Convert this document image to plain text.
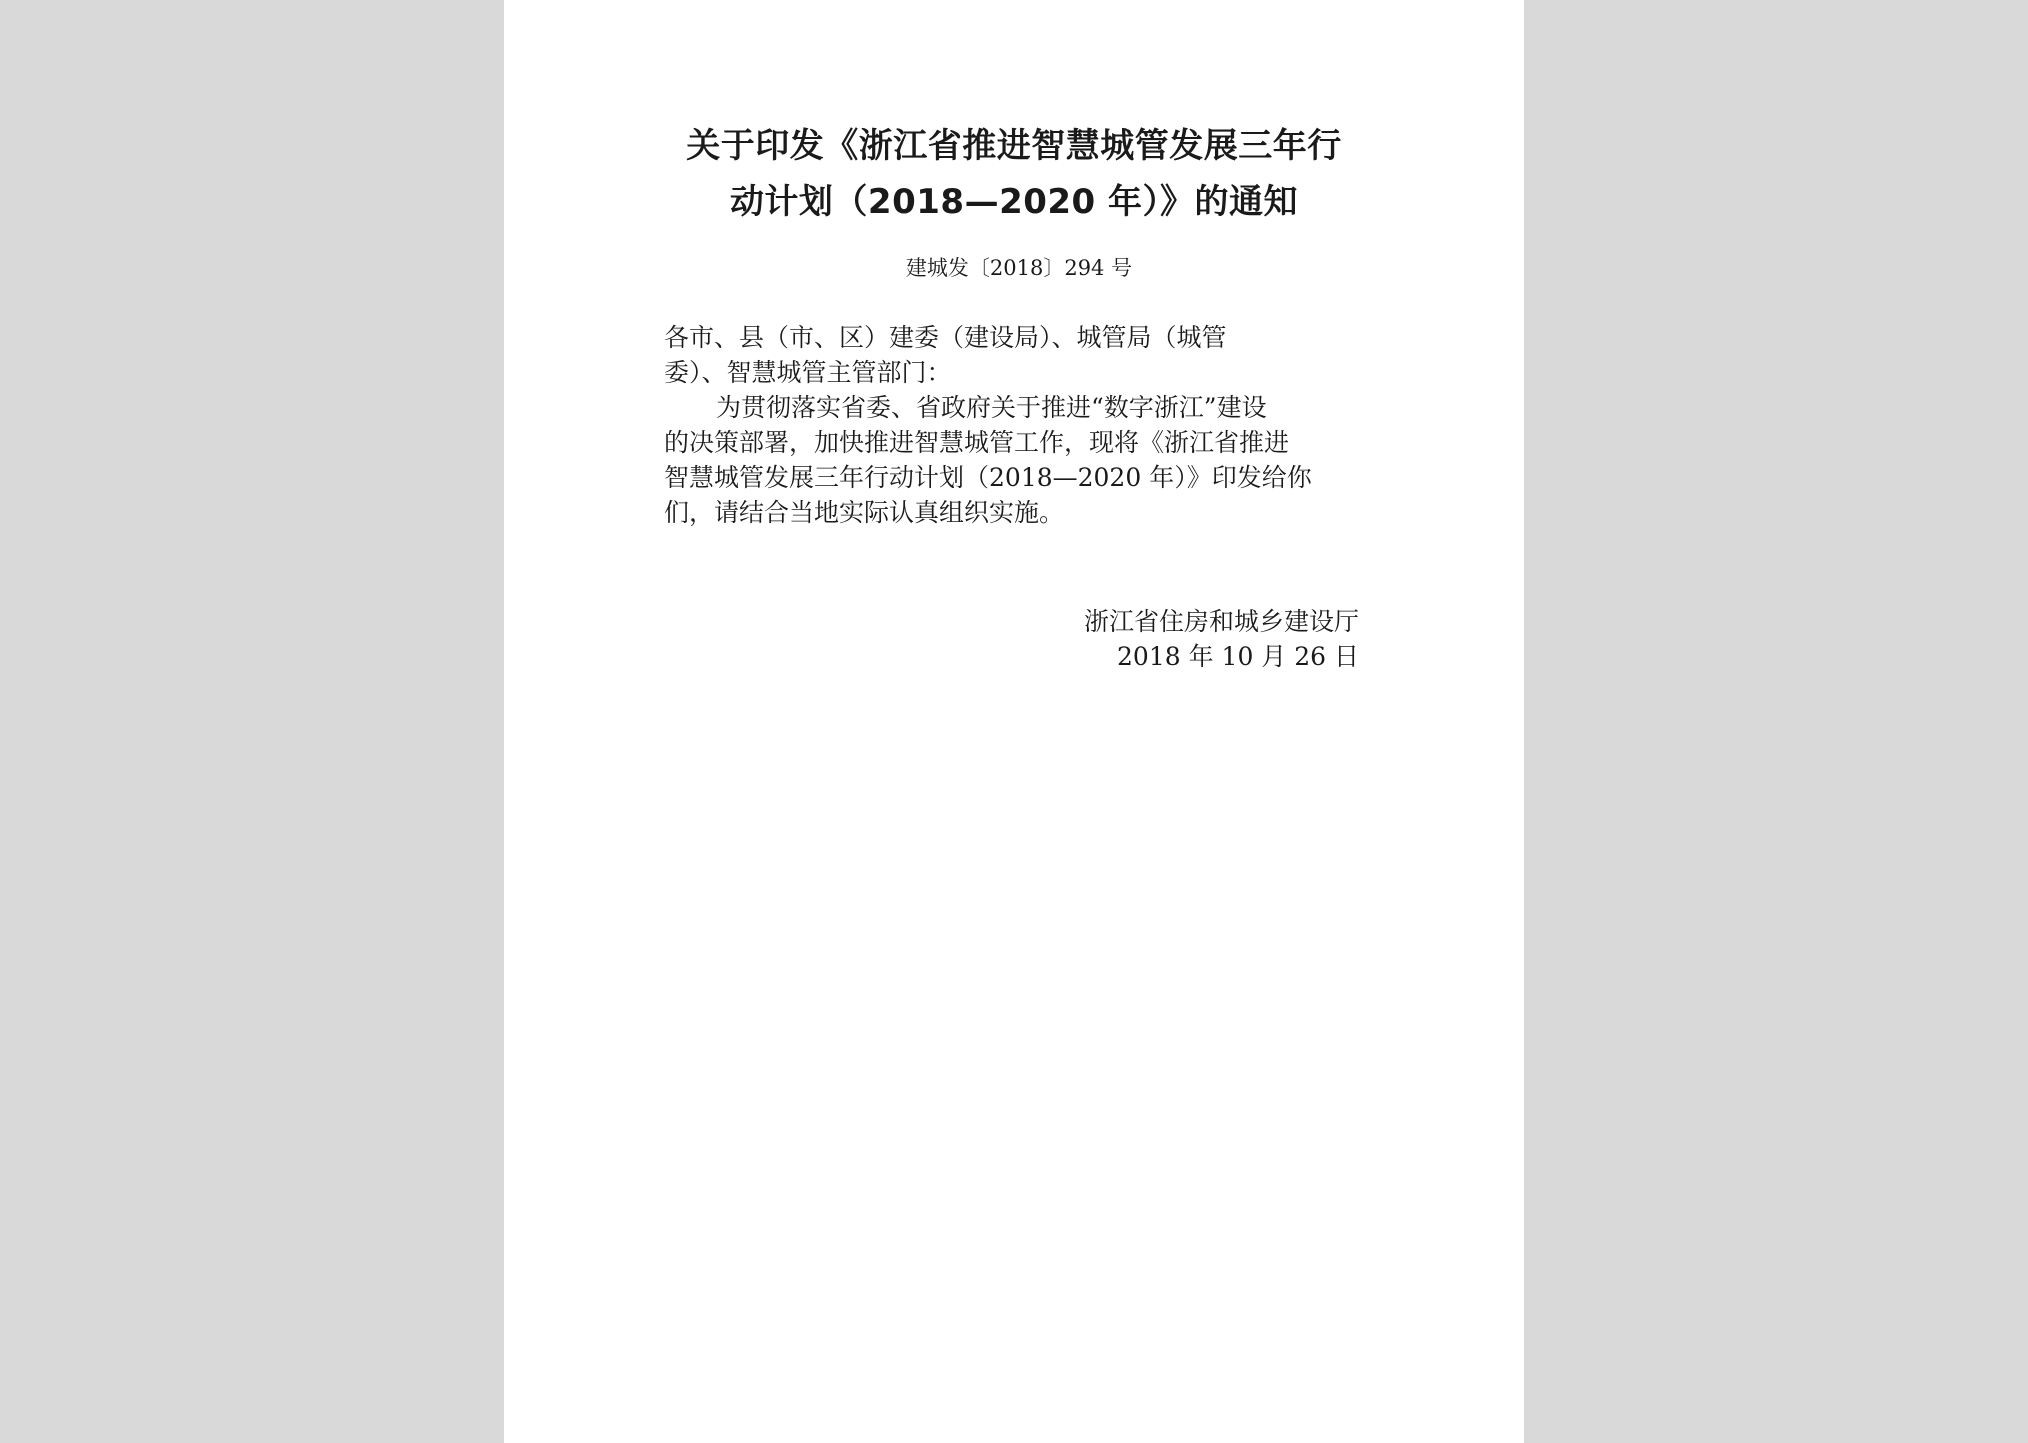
关于印发《浙江省推进智慧城管发展三年行
动计划（2018—2020 年）》的通知
建城发〔2018〕294 号
各市、县（市、区）建委（建设局）、城管局（城管
委）、智慧城管主管部门：
为贯彻落实省委、省政府关于推进“数字浙江”建设
的决策部署，加快推进智慧城管工作，现将《浙江省推进
智慧城管发展三年行动计划（2018—2020 年）》印发给你
们，请结合当地实际认真组织实施。
浙江省住房和城乡建设厅
2018 年 10 月 26 日
